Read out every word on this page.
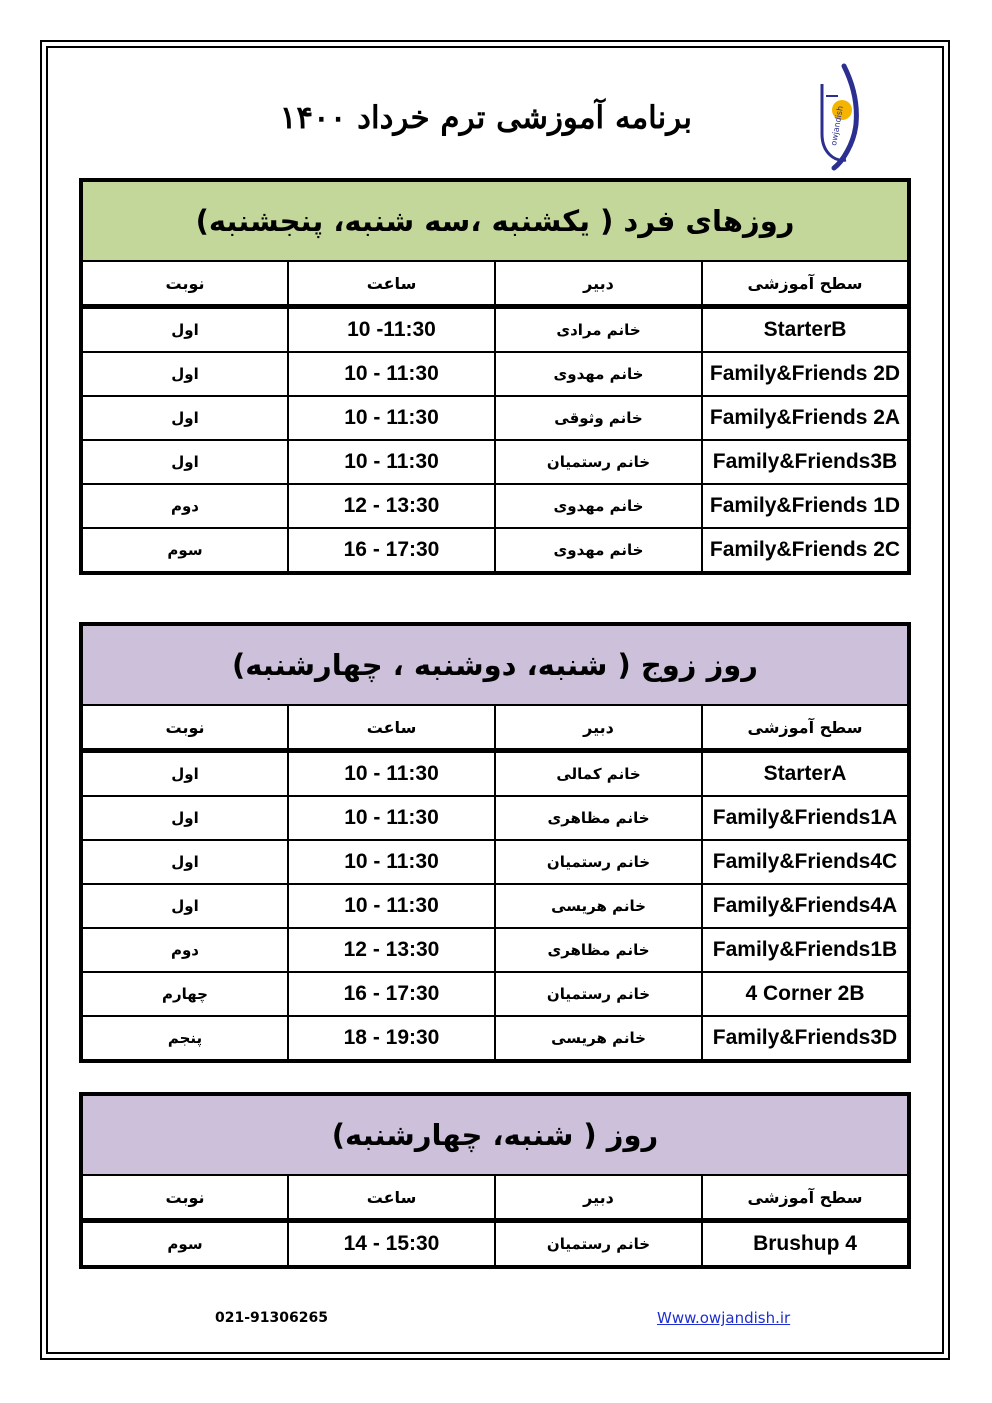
owjandish
برنامه آموزشی ترم خرداد ۱۴۰۰
روزهای فرد ( یکشنبه ،سه شنبه، پنجشنبه)			
سطح آموزشی	دبیر	ساعت	نوبت
StarterB	خانم مرادی	10 -11:30	اول
Family&Friends 2D	خانم مهدوی	10 - 11:30	اول
Family&Friends 2A	خانم وثوقی	10 - 11:30	اول
Family&Friends3B	خانم رستمیان	10 - 11:30	اول
Family&Friends 1D	خانم مهدوی	12 - 13:30	دوم
Family&Friends 2C	خانم مهدوی	16 - 17:30	سوم
روز زوج ( شنبه، دوشنبه ، چهارشنبه)			
سطح آموزشی	دبیر	ساعت	نوبت
StarterA	خانم کمالی	10 - 11:30	اول
Family&Friends1A	خانم مظاهری	10 - 11:30	اول
Family&Friends4C	خانم رستمیان	10 - 11:30	اول
Family&Friends4A	خانم هریسی	10 - 11:30	اول
Family&Friends1B	خانم مظاهری	12 - 13:30	دوم
4 Corner 2B	خانم رستمیان	16 - 17:30	چهارم
Family&Friends3D	خانم هریسی	18 - 19:30	پنجم
روز ( شنبه، چهارشنبه)			
سطح آموزشی	دبیر	ساعت	نوبت
Brushup 4	خانم رستمیان	14 - 15:30	سوم
021-91306265	Www.owjandish.ir
